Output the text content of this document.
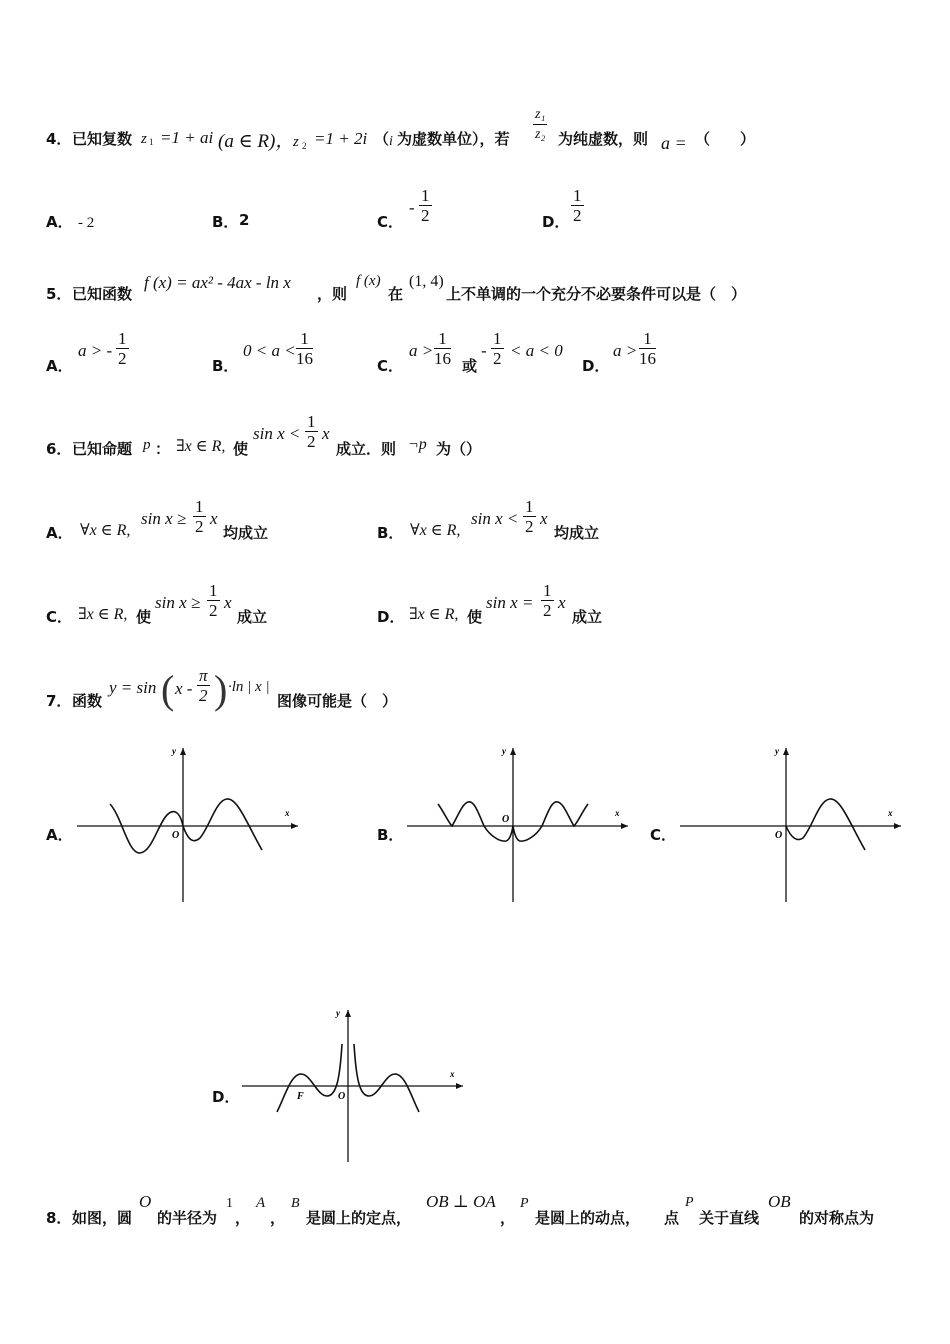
4． 已知复数 z 1 =1 + ai (a ∈ R)，
z 2 =1 + 2i （ i 为虚数单位），若 $\frac{\text{z₁}}{\text{z₂}}$ 为纯虚数，则 a = （　　）
A． - 2	B． 2	C．
- $\frac{1}{2}$	D． $\frac{1}{2}$
5． 已知函数
f (x) = ax² - 4ax - ln x
，则
f (x)
在
(1, 4)
上不单调的一个充分不必要条件可以是（　）
A．
a > - $\frac{1}{2}$	B．
$0 < a < \frac{1}{16}$	C．
$a > \frac{1}{16}$ 或
- $\frac{1}{2} < a < 0$
D．
$a > \frac{1}{16}$
6． 已知命题 p ： ∃x ∈ R, 使
$\sin x < \frac{1}{2}$ x
成立．则 ¬p 为（）
A． ∀x ∈ R,
$\sin x \ge \frac{1}{2}$ x
均成立	B． ∀x ∈ R,
$\sin x < \frac{1}{2}$ x
均成立
C． ∃x ∈ R, 使
$\sin x \ge \frac{1}{2}$ x
成立	D． ∃x ∈ R, 使
$\sin x = \frac{1}{2}$ x
成立
7． 函数
y = sin ( x - $\frac{\pi}{2}$ ) ·ln | x |
图像可能是（　）
A．
x
y
O	B．
x
y
O
C．
x
y
O
D．
x
y
O
F
8． 如图，圆
O
的半径为
1
，
A
，
B
是圆上的定点，
OB ⊥ OA
，
P
是圆上的动点， 点
P
关于直线
OB
的对称点为
